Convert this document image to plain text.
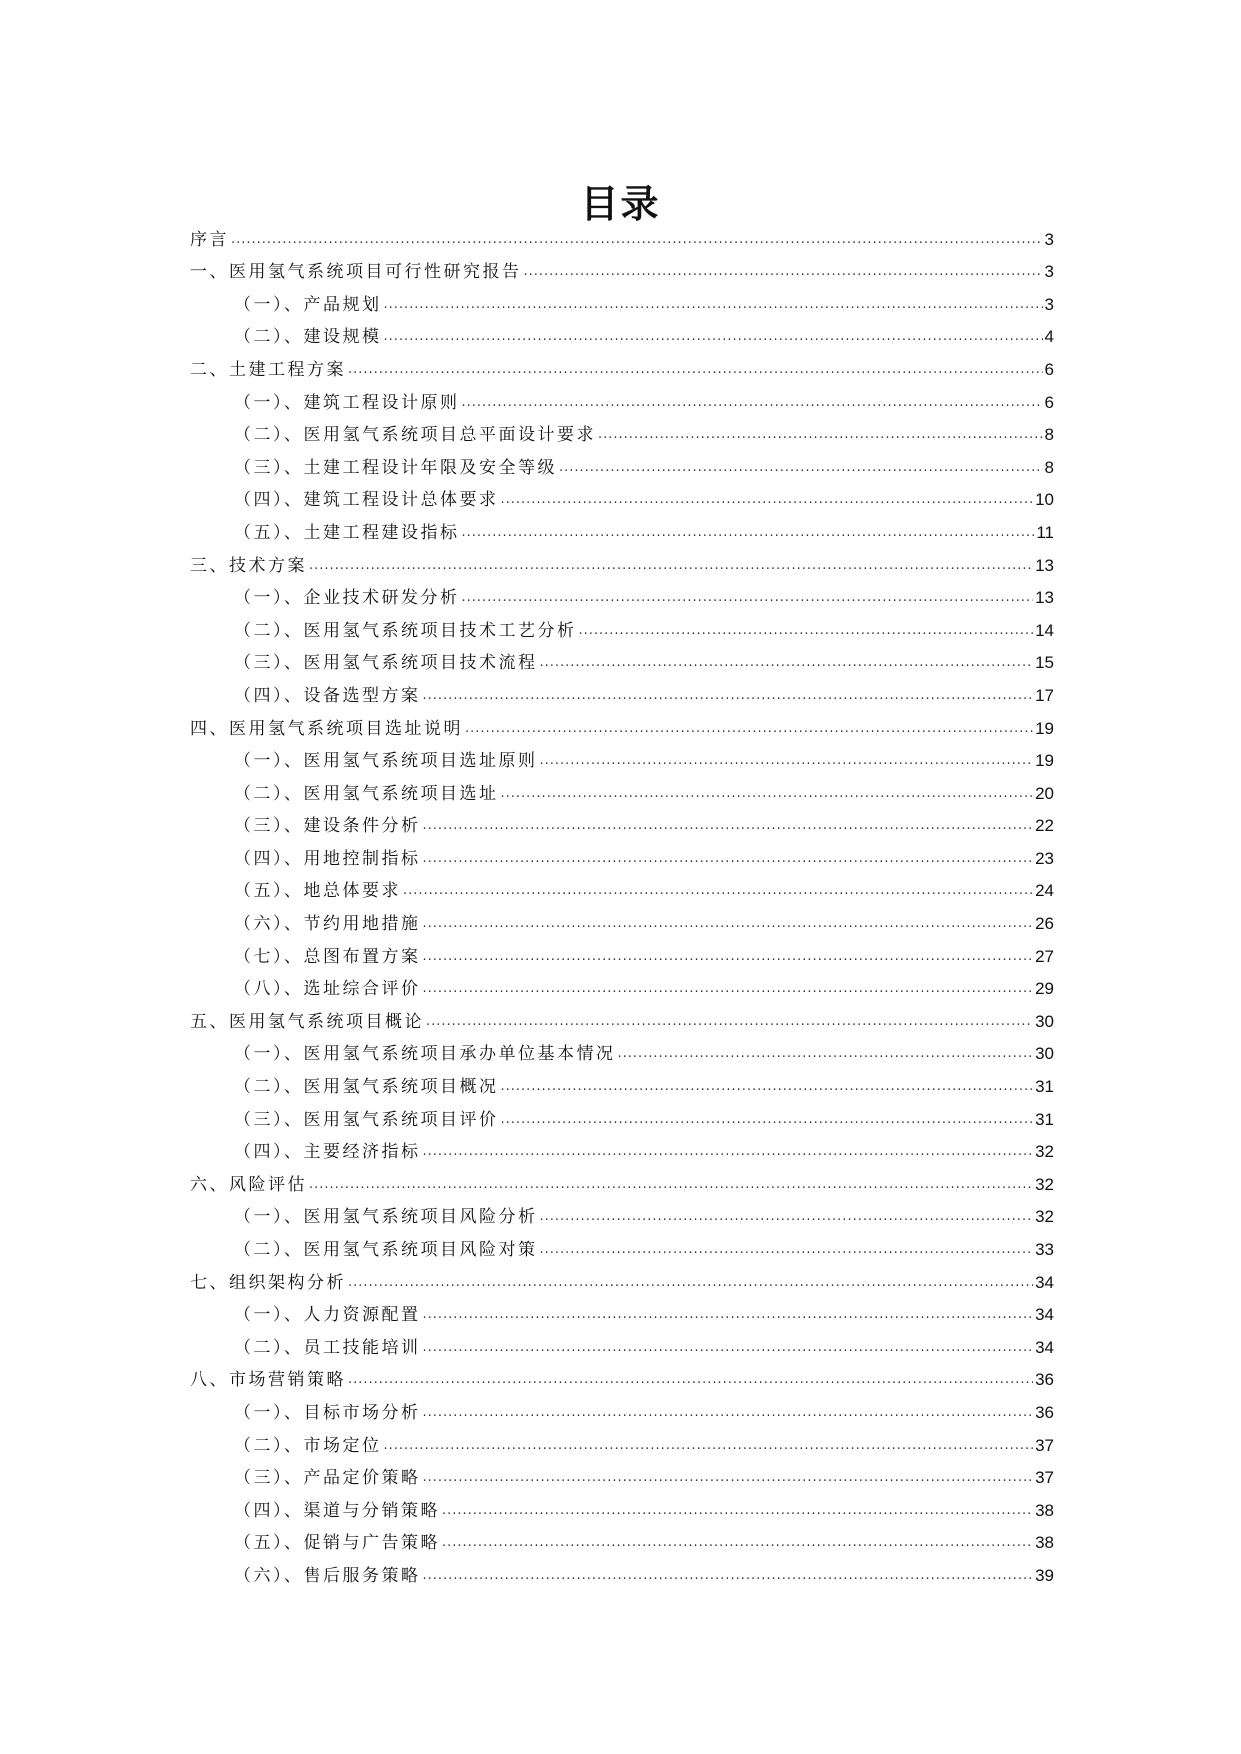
目录
序言 .....	3
一、医用氢气系统项目可行性研究报告 .....	3
（一）、产品规划 .....	3
（二）、建设规模 .....	4
二、土建工程方案 .....	6
（一）、建筑工程设计原则 .....	6
（二）、医用氢气系统项目总平面设计要求 .....	8
（三）、土建工程设计年限及安全等级 .....	8
（四）、建筑工程设计总体要求 .....	10
（五）、土建工程建设指标 .....	11
三、技术方案 .....	13
（一）、企业技术研发分析 .....	13
（二）、医用氢气系统项目技术工艺分析 .....	14
（三）、医用氢气系统项目技术流程 .....	15
（四）、设备选型方案 .....	17
四、医用氢气系统项目选址说明 .....	19
（一）、医用氢气系统项目选址原则 .....	19
（二）、医用氢气系统项目选址 .....	20
（三）、建设条件分析 .....	22
（四）、用地控制指标 .....	23
（五）、地总体要求 .....	24
（六）、节约用地措施 .....	26
（七）、总图布置方案 .....	27
（八）、选址综合评价 .....	29
五、医用氢气系统项目概论 .....	30
（一）、医用氢气系统项目承办单位基本情况 .....	30
（二）、医用氢气系统项目概况 .....	31
（三）、医用氢气系统项目评价 .....	31
（四）、主要经济指标 .....	32
六、风险评估 .....	32
（一）、医用氢气系统项目风险分析 .....	32
（二）、医用氢气系统项目风险对策 .....	33
七、组织架构分析 .....	34
（一）、人力资源配置 .....	34
（二）、员工技能培训 .....	34
八、市场营销策略 .....	36
（一）、目标市场分析 .....	36
（二）、市场定位 .....	37
（三）、产品定价策略 .....	37
（四）、渠道与分销策略 .....	38
（五）、促销与广告策略 .....	38
（六）、售后服务策略 .....	39
